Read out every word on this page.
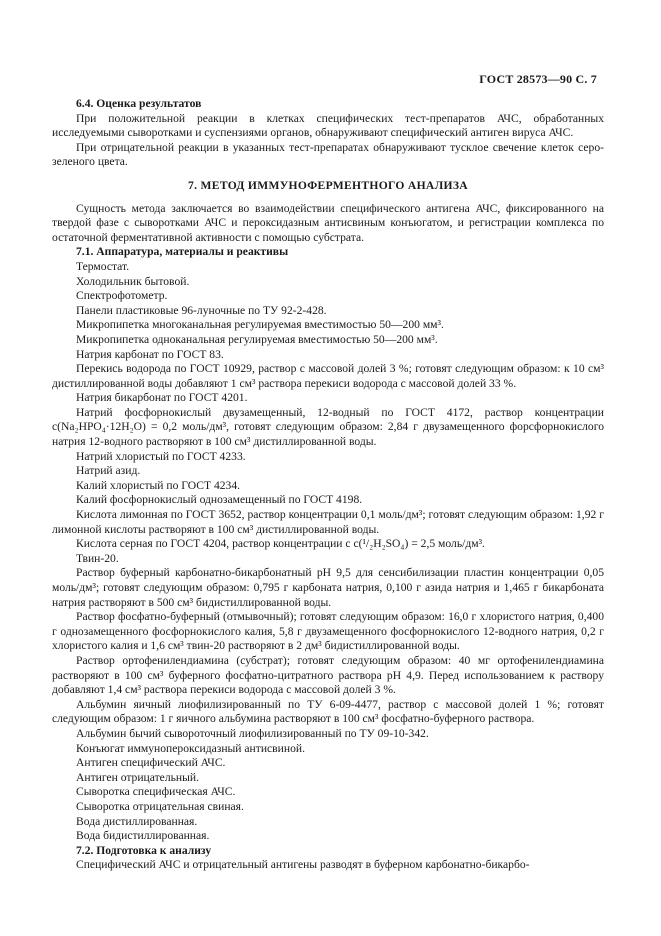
ГОСТ 28573—90 С. 7

6.4. Оценка результатов

При положительной реакции в клетках специфических тест-препаратов АЧС, обработанных исследуемыми сыворотками и суспензиями органов, обнаруживают специфический антиген вируса АЧС.

При отрицательной реакции в указанных тест-препаратах обнаруживают тусклое свечение клеток серо-зеленого цвета.

7. МЕТОД ИММУНОФЕРМЕНТНОГО АНАЛИЗА

Сущность метода заключается во взаимодействии специфического антигена АЧС, фиксированного на твердой фазе с сыворотками АЧС и пероксидазным антисвиным конъюгатом, и регистрации комплекса по остаточной ферментативной активности с помощью субстрата.

7.1. Аппаратура, материалы и реактивы

Термостат.

Холодильник бытовой.

Спектрофотометр.

Панели пластиковые 96-луночные по ТУ 92-2-428.

Микропипетка многоканальная регулируемая вместимостью 50—200 мм³.

Микропипетка одноканальная регулируемая вместимостью 50—200 мм³.

Натрия карбонат по ГОСТ 83.

Перекись водорода по ГОСТ 10929, раствор с массовой долей 3 %; готовят следующим образом: к 10 см³ дистиллированной воды добавляют 1 см³ раствора перекиси водорода с массовой долей 33 %.

Натрия бикарбонат по ГОСТ 4201.

Натрий фосфорнокислый двузамещенный, 12-водный по ГОСТ 4172, раствор концентрации c(Na₂HPO₄·12H₂O) = 0,2 моль/дм³, готовят следующим образом: 2,84 г двузамещенного форсфорнокислого натрия 12-водного растворяют в 100 см³ дистиллированной воды.

Натрий хлористый по ГОСТ 4233.

Натрий азид.

Калий хлористый по ГОСТ 4234.

Калий фосфорнокислый однозамещенный по ГОСТ 4198.

Кислота лимонная по ГОСТ 3652, раствор концентрации 0,1 моль/дм³; готовят следующим образом: 1,92 г лимонной кислоты растворяют в 100 см³ дистиллированной воды.

Кислота серная по ГОСТ 4204, раствор концентрации с c(¹/₂H₂SO₄) = 2,5 моль/дм³.

Твин-20.

Раствор буферный карбонатно-бикарбонатный рН 9,5 для сенсибилизации пластин концентрации 0,05 моль/дм³; готовят следующим образом: 0,795 г карбоната натрия, 0,100 г азида натрия и 1,465 г бикарбоната натрия растворяют в 500 см³ бидистиллированной воды.

Раствор фосфатно-буферный (отмывочный); готовят следующим образом: 16,0 г хлористого натрия, 0,400 г однозамещенного фосфорнокислого калия, 5,8 г двузамещенного фосфорнокислого 12-водного натрия, 0,2 г хлористого калия и 1,6 см³ твин-20 растворяют в 2 дм³ бидистиллированной воды.

Раствор ортофенилендиамина (субстрат); готовят следующим образом: 40 мг ортофенилендиамина растворяют в 100 см³ буферного фосфатно-цитратного раствора рН 4,9. Перед использованием к раствору добавляют 1,4 см³ раствора перекиси водорода с массовой долей 3 %.

Альбумин яичный лиофилизированный по ТУ 6-09-4477, раствор с массовой долей 1 %; готовят следующим образом: 1 г яичного альбумина растворяют в 100 см³ фосфатно-буферного раствора.

Альбумин бычий сывороточный лиофилизированный по ТУ 09-10-342.

Конъюгат иммунопероксидазный антисвиной.

Антиген специфический АЧС.

Антиген отрицательный.

Сыворотка специфическая АЧС.

Сыворотка отрицательная свиная.

Вода дистиллированная.

Вода бидистиллированная.

7.2. Подготовка к анализу

Специфический АЧС и отрицательный антигены разводят в буферном карбонатно-бикарбо-
